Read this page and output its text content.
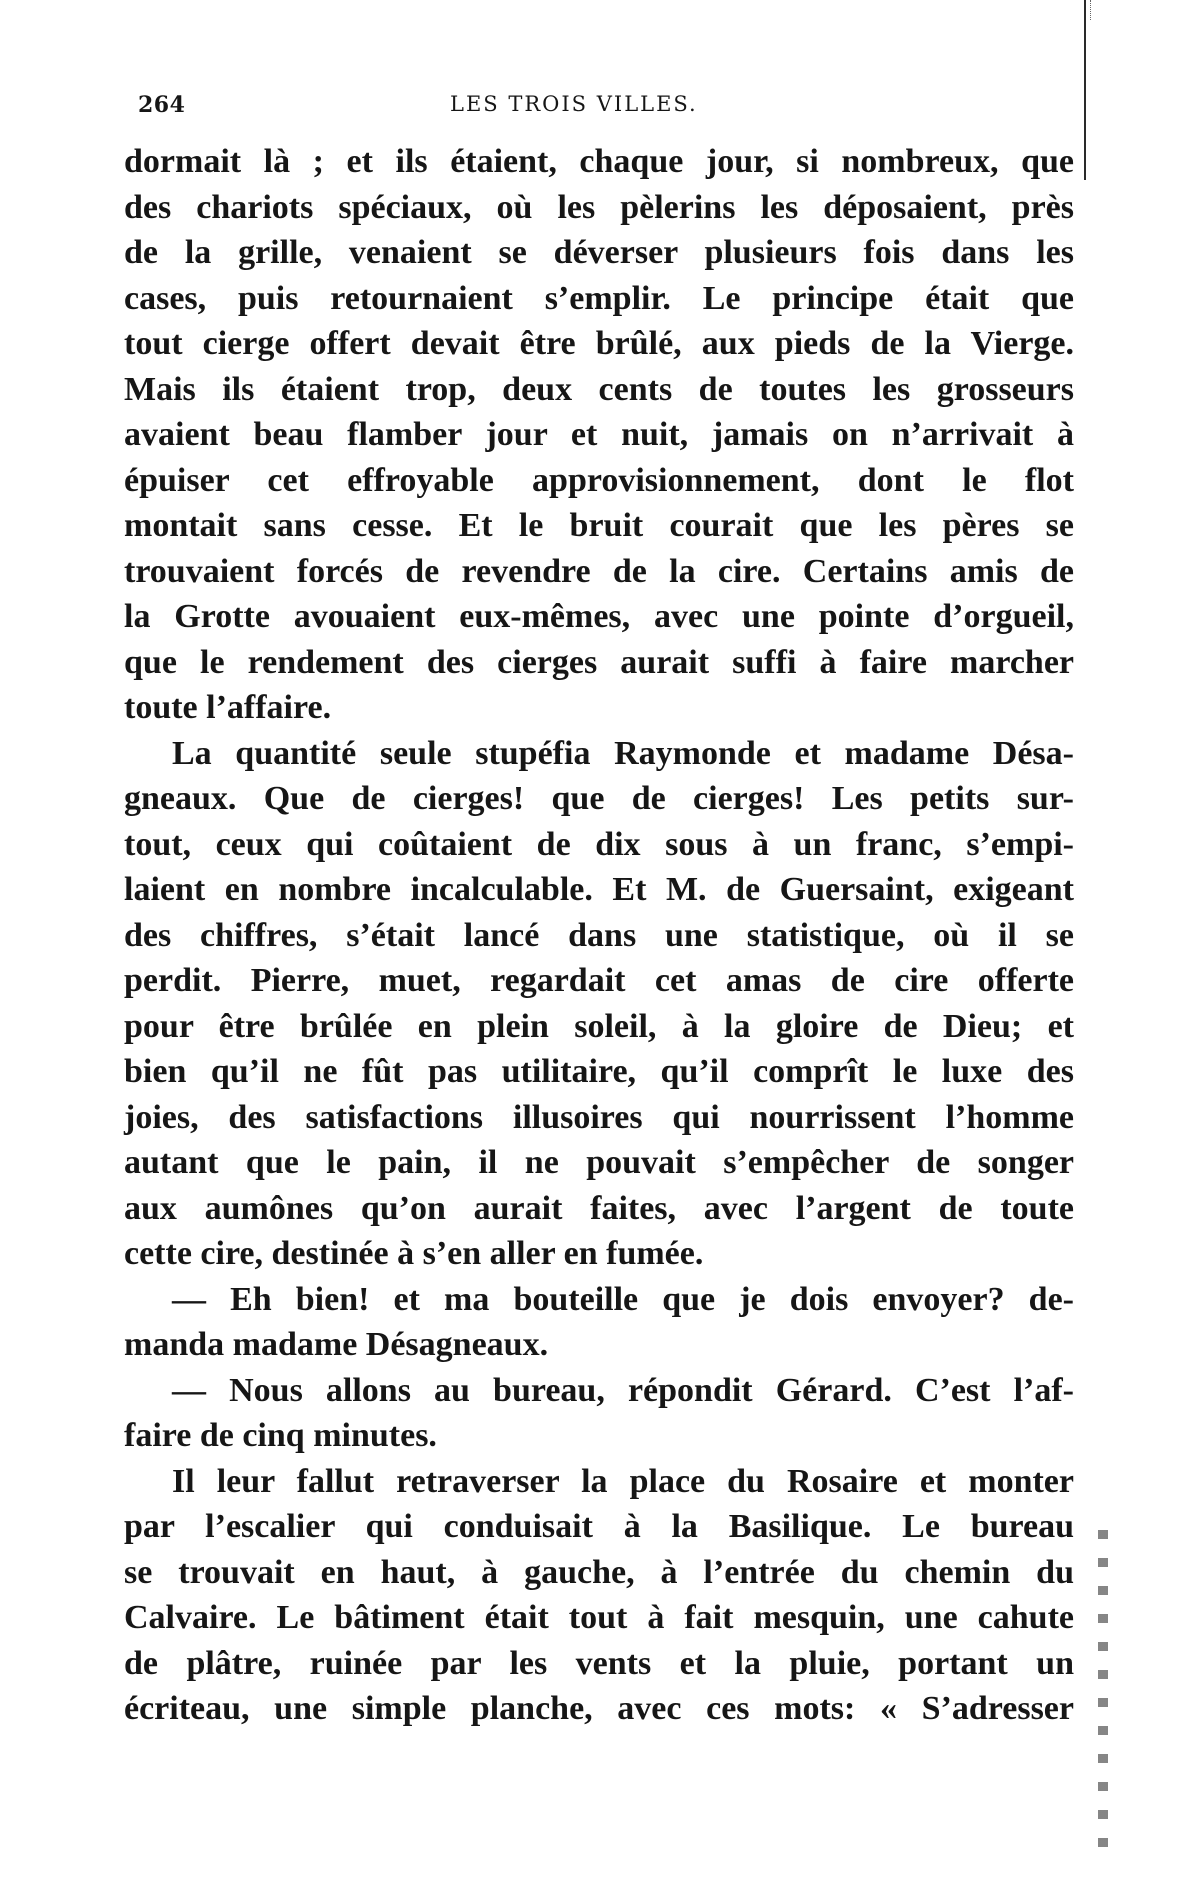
264	LES TROIS VILLES.
dormait là ; et ils étaient, chaque jour, si nombreux, que
des chariots spéciaux, où les pèlerins les déposaient, près
de la grille, venaient se déverser plusieurs fois dans les
cases, puis retournaient s’emplir. Le principe était que
tout cierge offert devait être brûlé, aux pieds de la Vierge.
Mais ils étaient trop, deux cents de toutes les grosseurs
avaient beau flamber jour et nuit, jamais on n’arrivait à
épuiser cet effroyable approvisionnement, dont le flot
montait sans cesse. Et le bruit courait que les pères se
trouvaient forcés de revendre de la cire. Certains amis de
la Grotte avouaient eux-mêmes, avec une pointe d’orgueil,
que le rendement des cierges aurait suffi à faire marcher
toute l’affaire.
La quantité seule stupéfia Raymonde et madame Désa-
gneaux. Que de cierges! que de cierges! Les petits sur-
tout, ceux qui coûtaient de dix sous à un franc, s’empi-
laient en nombre incalculable. Et M. de Guersaint, exigeant
des chiffres, s’était lancé dans une statistique, où il se
perdit. Pierre, muet, regardait cet amas de cire offerte
pour être brûlée en plein soleil, à la gloire de Dieu; et
bien qu’il ne fût pas utilitaire, qu’il comprît le luxe des
joies, des satisfactions illusoires qui nourrissent l’homme
autant que le pain, il ne pouvait s’empêcher de songer
aux aumônes qu’on aurait faites, avec l’argent de toute
cette cire, destinée à s’en aller en fumée.
— Eh bien! et ma bouteille que je dois envoyer? de-
manda madame Désagneaux.
— Nous allons au bureau, répondit Gérard. C’est l’af-
faire de cinq minutes.
Il leur fallut retraverser la place du Rosaire et monter
par l’escalier qui conduisait à la Basilique. Le bureau
se trouvait en haut, à gauche, à l’entrée du chemin du
Calvaire. Le bâtiment était tout à fait mesquin, une cahute
de plâtre, ruinée par les vents et la pluie, portant un
écriteau, une simple planche, avec ces mots: « S’adresser
